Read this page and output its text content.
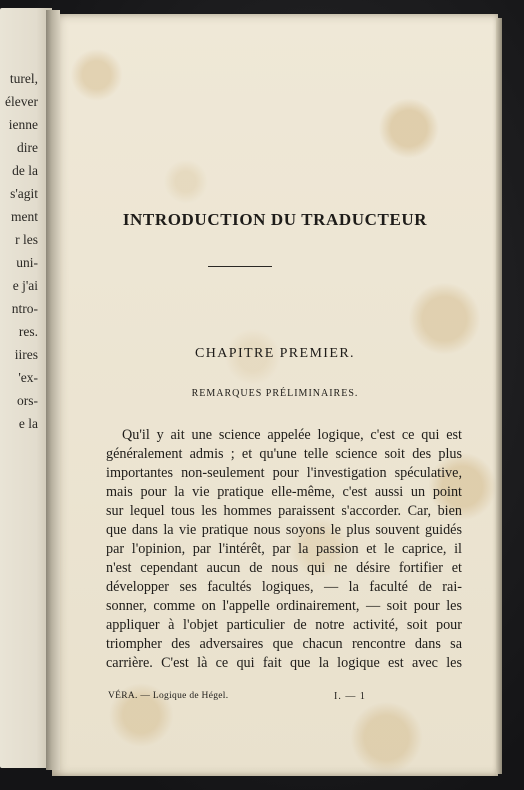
turel,
élever
ienne
dire
de la
s'agit
ment
r les
uni-
e j'ai
ntro-
res.
iires
'ex-
ors-
e la
INTRODUCTION DU TRADUCTEUR
CHAPITRE PREMIER.
REMARQUES PRÉLIMINAIRES.
Qu'il y ait une science appelée logique, c'est ce qui est
généralement admis ; et qu'une telle science soit des plus
importantes non-seulement pour l'investigation spéculative,
mais pour la vie pratique elle-même, c'est aussi un point
sur lequel tous les hommes paraissent s'accorder. Car, bien
que dans la vie pratique nous soyons le plus souvent guidés
par l'opinion, par l'intérêt, par la passion et le caprice, il
n'est cependant aucun de nous qui ne désire fortifier et
développer ses facultés logiques, — la faculté de rai-
sonner, comme on l'appelle ordinairement, — soit pour les
appliquer à l'objet particulier de notre activité, soit pour
triompher des adversaires que chacun rencontre dans sa
carrière. C'est là ce qui fait que la logique est avec les
VÉRA. — Logique de Hégel.	I. — 1
